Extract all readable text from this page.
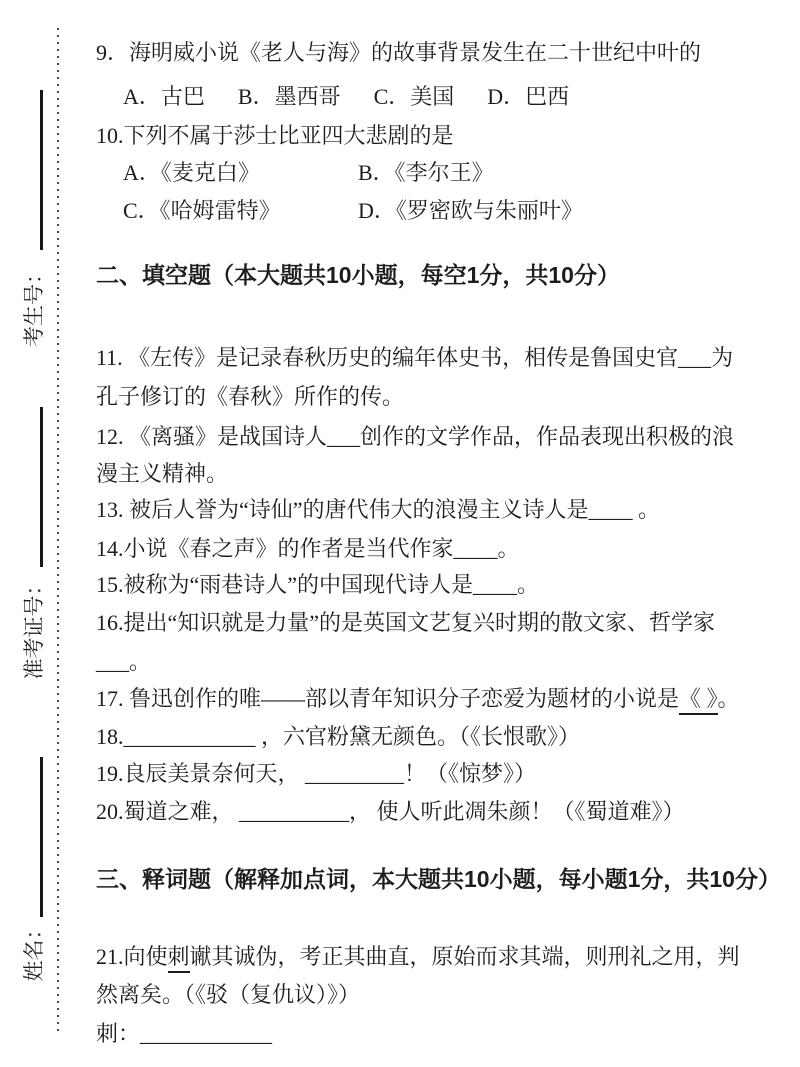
考生号：
准考证号：
姓名：
9．海明威小说《老人与海》的故事背景发生在二十世纪中叶的
A．古巴 B．墨西哥 C．美国 D．巴西
10.下列不属于莎士比亚四大悲剧的是
A．《麦克白》	B．《李尔王》
C．《哈姆雷特》	D．《罗密欧与朱丽叶》
二、填空题（本大题共10小题，每空1分，共10分）
11. 《左传》是记录春秋历史的编年体史书，相传是鲁国史官___为
孔子修订的《春秋》所作的传。
12. 《离骚》是战国诗人___创作的文学作品，作品表现出积极的浪
漫主义精神。
13. 被后人誉为“诗仙”的唐代伟大的浪漫主义诗人是____ 。
14.小说《春之声》的作者是当代作家____。
15.被称为“雨巷诗人”的中国现代诗人是____。
16.提出“知识就是力量”的是英国文艺复兴时期的散文家、哲学家
___。
17. 鲁迅创作的唯——部以青年知识分子恋爱为题材的小说是《 》。
18.____________ ，六官粉黛无颜色。（《长恨歌》）
19.良辰美景奈何天， _________！（《惊梦》）
20.蜀道之难， __________， 使人听此凋朱颜！（《蜀道难》）
三、释词题（解释加点词，本大题共10小题，每小题1分，共10分）
21.向使刺谳其诚伪，考正其曲直，原始而求其端，则刑礼之用，判
然离矣。（《驳（复仇议）》）
刺：____________
